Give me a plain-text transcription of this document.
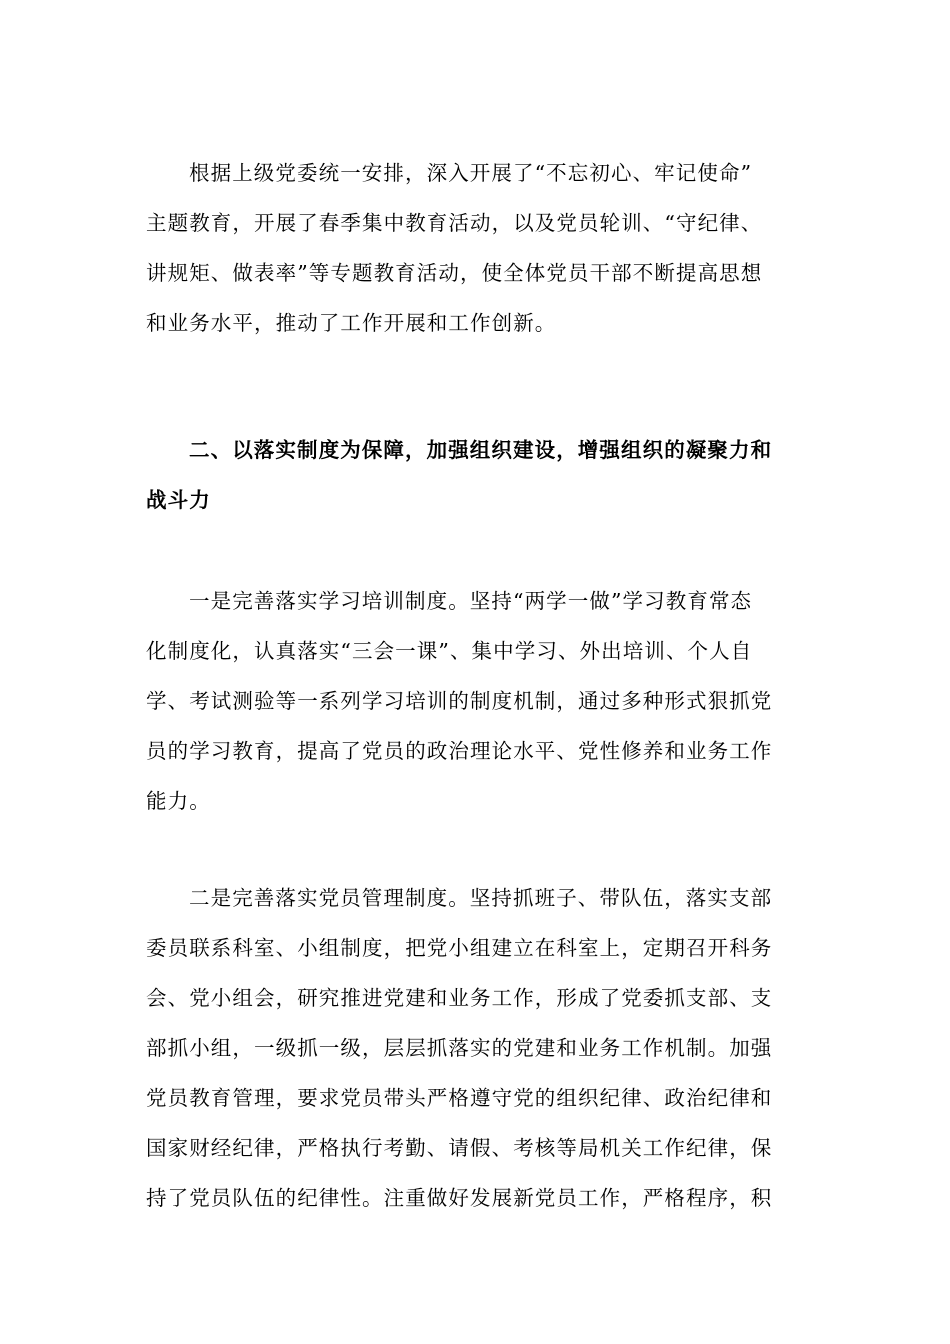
根据上级党委统一安排，深入开展了“不忘初心、牢记使命”
主题教育，开展了春季集中教育活动，以及党员轮训、“守纪律、
讲规矩、做表率”等专题教育活动，使全体党员干部不断提高思想
和业务水平，推动了工作开展和工作创新。

二、以落实制度为保障，加强组织建设，增强组织的凝聚力和
战斗力

一是完善落实学习培训制度。坚持“两学一做”学习教育常态
化制度化，认真落实“三会一课”、集中学习、外出培训、个人自
学、考试测验等一系列学习培训的制度机制，通过多种形式狠抓党
员的学习教育，提高了党员的政治理论水平、党性修养和业务工作
能力。

二是完善落实党员管理制度。坚持抓班子、带队伍，落实支部
委员联系科室、小组制度，把党小组建立在科室上，定期召开科务
会、党小组会，研究推进党建和业务工作，形成了党委抓支部、支
部抓小组，一级抓一级，层层抓落实的党建和业务工作机制。加强
党员教育管理，要求党员带头严格遵守党的组织纪律、政治纪律和
国家财经纪律，严格执行考勤、请假、考核等局机关工作纪律，保
持了党员队伍的纪律性。注重做好发展新党员工作，严格程序，积
